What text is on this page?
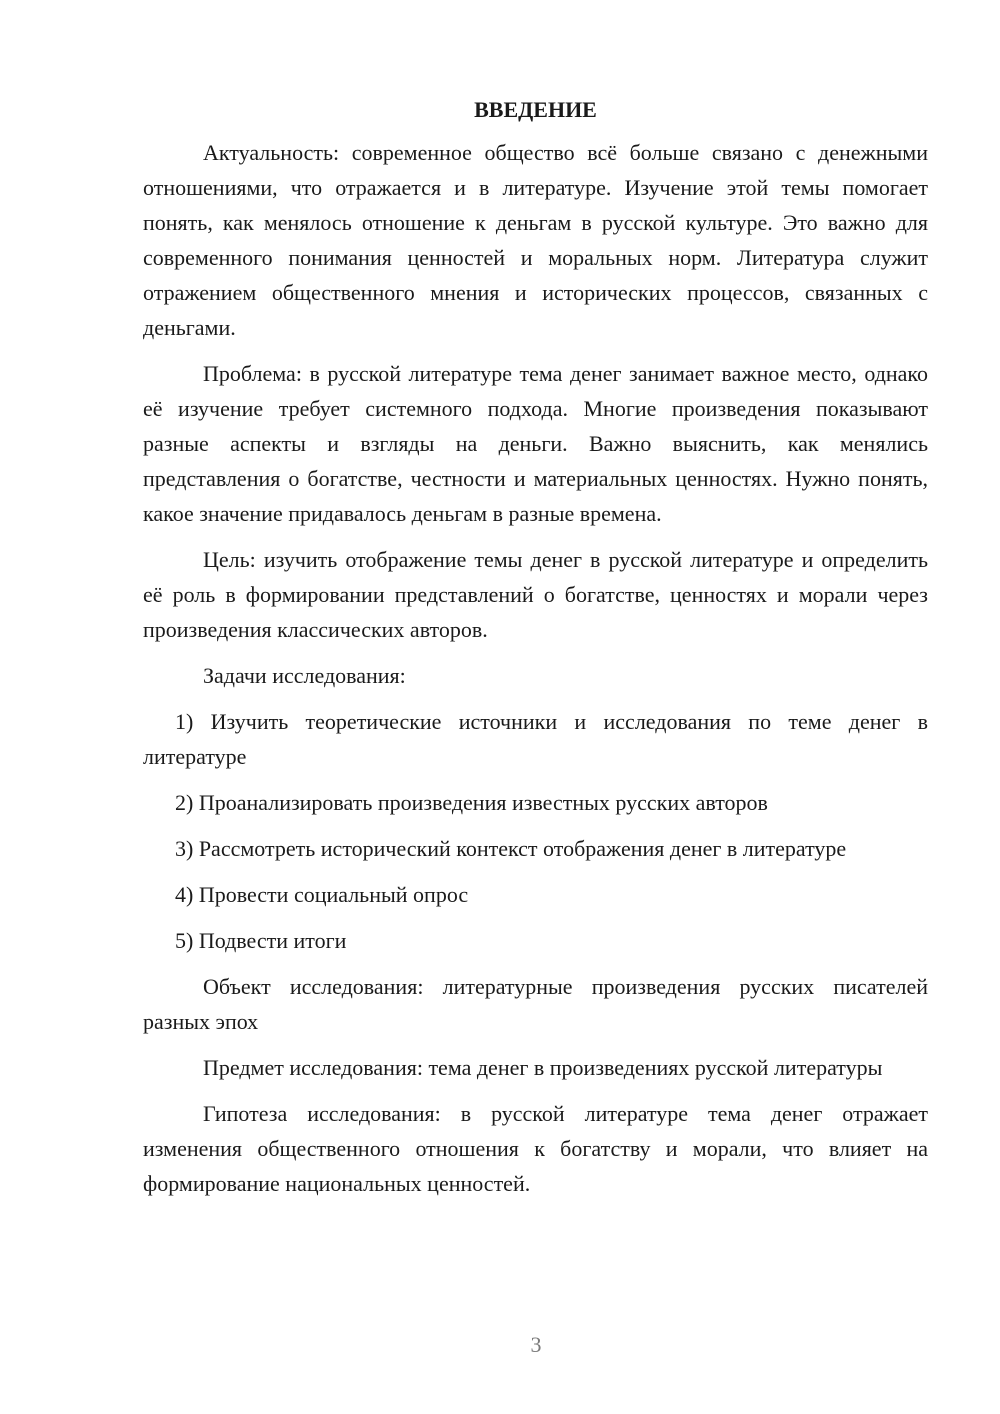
ВВЕДЕНИЕ

Актуальность: современное общество всё больше связано с денежными отношениями, что отражается и в литературе. Изучение этой темы помогает понять, как менялось отношение к деньгам в русской культуре. Это важно для современного понимания ценностей и моральных норм. Литература служит отражением общественного мнения и исторических процессов, связанных с деньгами.

Проблема: в русской литературе тема денег занимает важное место, однако её изучение требует системного подхода. Многие произведения показывают разные аспекты и взгляды на деньги. Важно выяснить, как менялись представления о богатстве, честности и материальных ценностях. Нужно понять, какое значение придавалось деньгам в разные времена.

Цель: изучить отображение темы денег в русской литературе и определить её роль в формировании представлений о богатстве, ценностях и морали через произведения классических авторов.

Задачи исследования:

1) Изучить теоретические источники и исследования по теме денег в литературе

2) Проанализировать произведения известных русских авторов

3) Рассмотреть исторический контекст отображения денег в литературе

4) Провести социальный опрос

5) Подвести итоги

Объект исследования: литературные произведения русских писателей разных эпох

Предмет исследования: тема денег в произведениях русской литературы

Гипотеза исследования: в русской литературе тема денег отражает изменения общественного отношения к богатству и морали, что влияет на формирование национальных ценностей.

3
